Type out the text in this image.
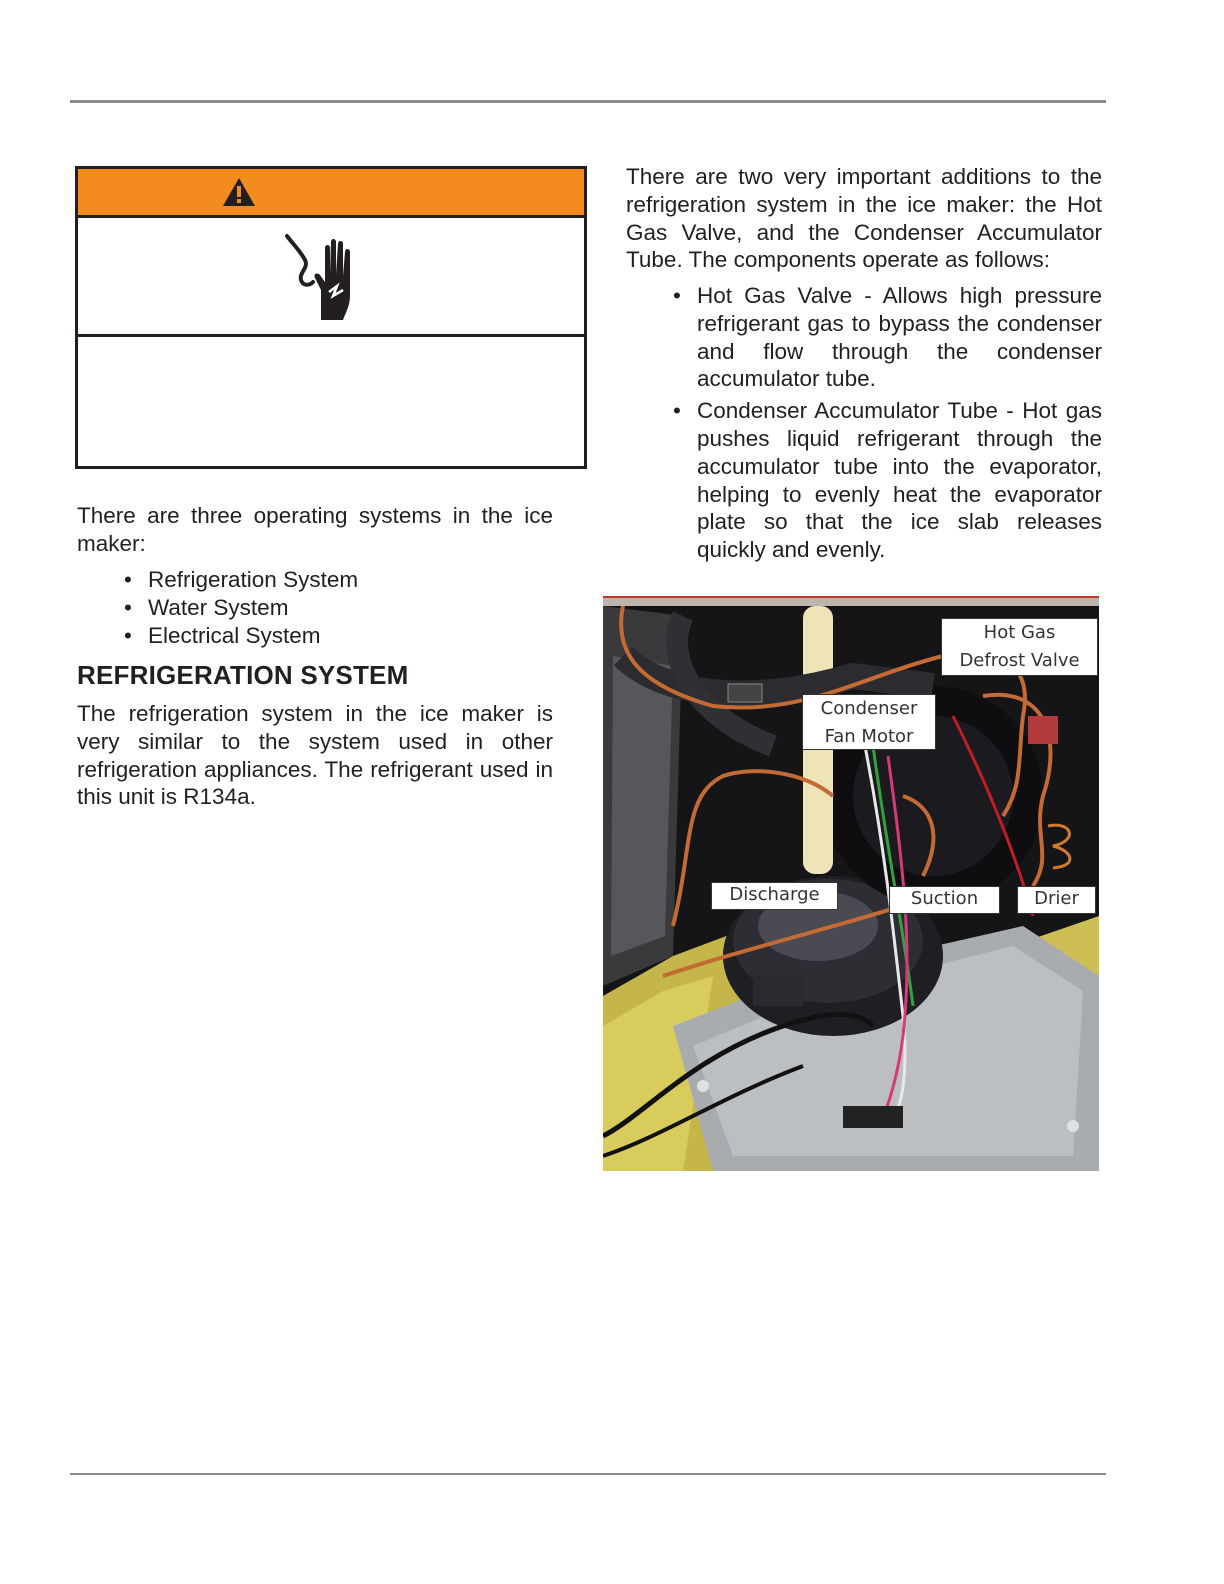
There are three operating systems in the ice maker:

• Refrigeration System
• Water System
• Electrical System
REFRIGERATION SYSTEM

The refrigeration system in the ice maker is very similar to the system used in other refrigeration appliances. The refrigerant used in this unit is R134a.

There are two very important additions to the refrigeration system in the ice maker: the Hot Gas Valve, and the Condenser Accumulator Tube. The components operate as follows:

• Hot Gas Valve - Allows high pressure refrigerant gas to bypass the condenser and flow through the condenser accumulator tube.
• Condenser Accumulator Tube - Hot gas pushes liquid refrigerant through the accumulator tube into the evaporator, helping to evenly heat the evaporator plate so that the ice slab releases quickly and evenly.
Hot Gas
Defrost Valve
Condenser
Fan Motor
Discharge	Suction	Drier
